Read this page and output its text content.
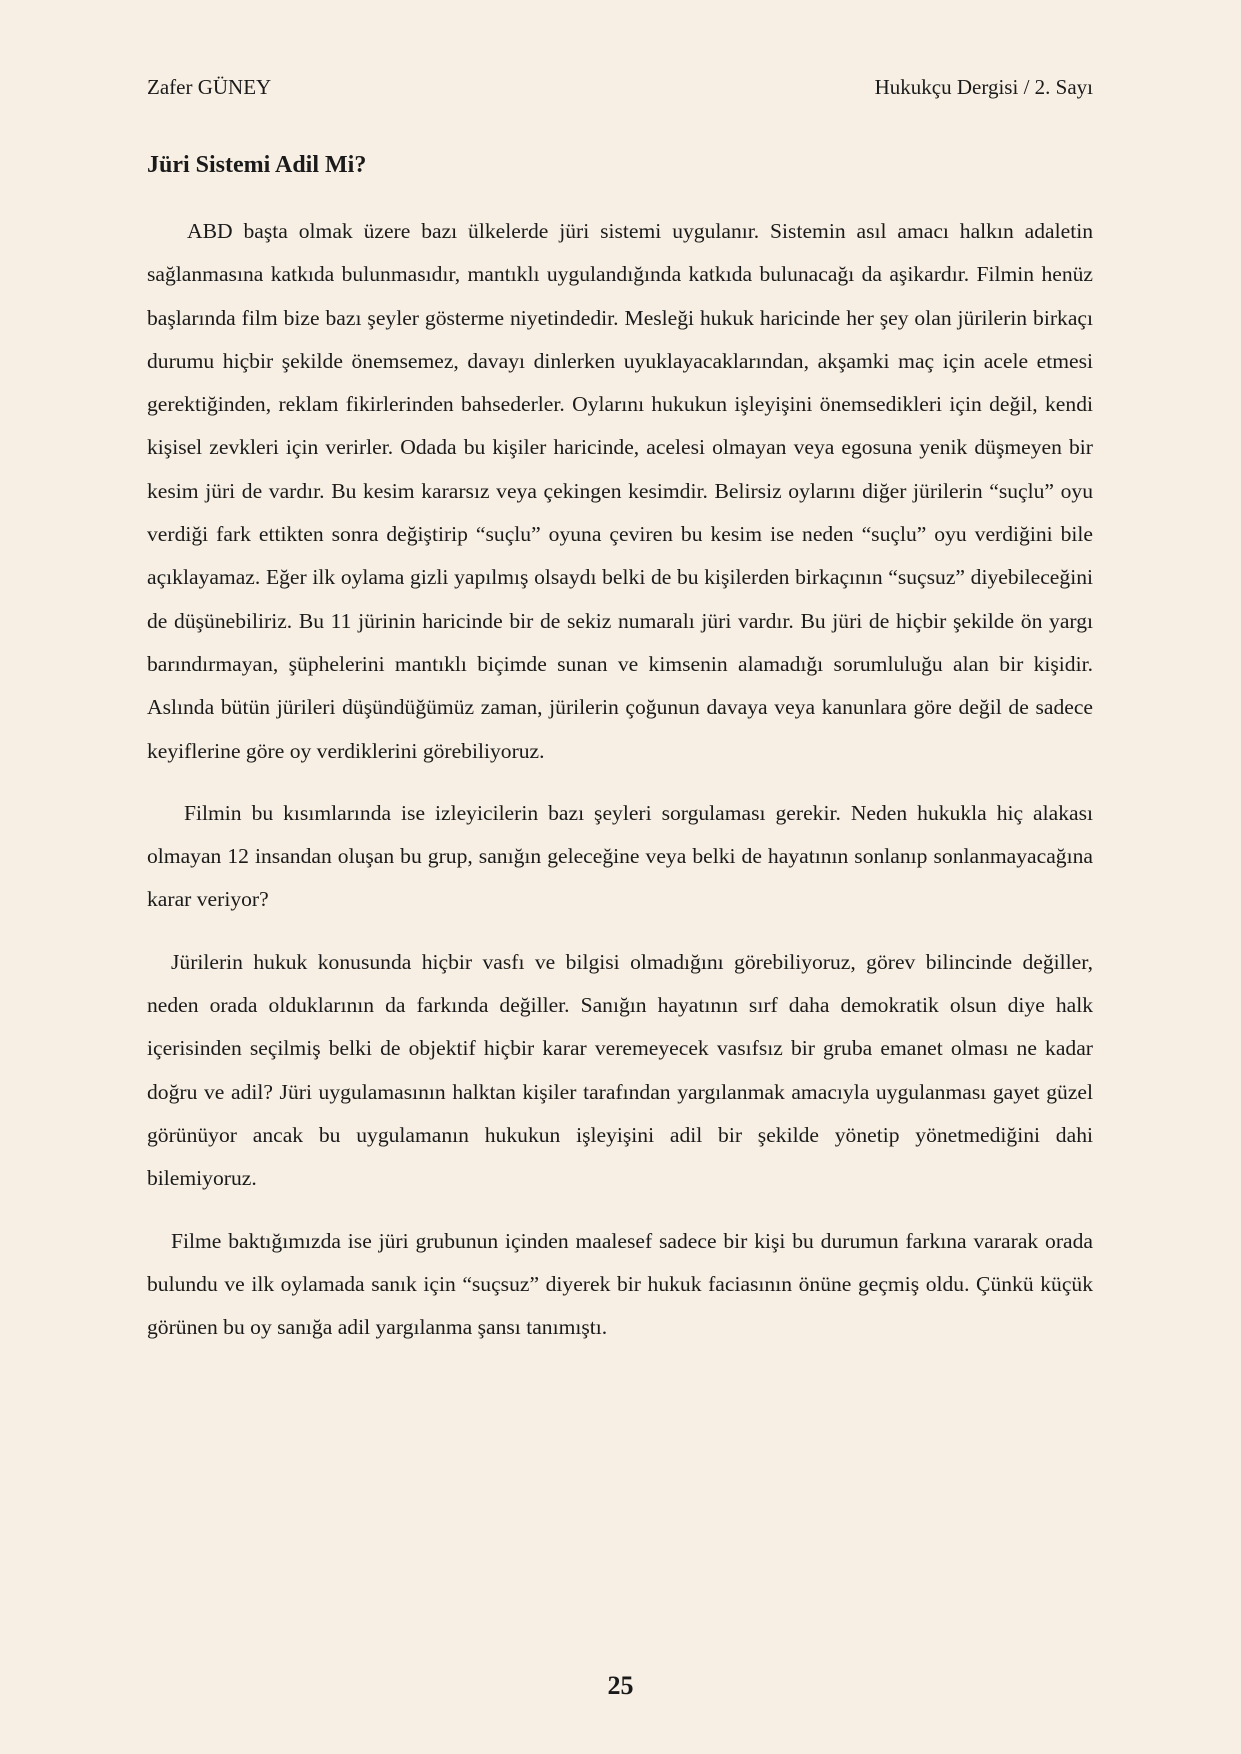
Zafer GÜNEY	Hukukçu Dergisi / 2. Sayı
Jüri Sistemi Adil Mi?

ABD başta olmak üzere bazı ülkelerde jüri sistemi uygulanır. Sistemin asıl amacı halkın adaletin sağlanmasına katkıda bulunmasıdır, mantıklı uygulandığında katkıda bulunacağı da aşikardır. Filmin henüz başlarında film bize bazı şeyler gösterme niyetindedir. Mesleği hukuk haricinde her şey olan jürilerin birkaçı durumu hiçbir şekilde önemsemez, davayı dinlerken uyuklayacaklarından, akşamki maç için acele etmesi gerektiğinden, reklam fikirlerinden bahsederler. Oylarını hukukun işleyişini önemsedikleri için değil, kendi kişisel zevkleri için verirler. Odada bu kişiler haricinde, acelesi olmayan veya egosuna yenik düşmeyen bir kesim jüri de vardır. Bu kesim kararsız veya çekingen kesimdir. Belirsiz oylarını diğer jürilerin “suçlu” oyu verdiği fark ettikten sonra değiştirip “suçlu” oyuna çeviren bu kesim ise neden “suçlu” oyu verdiğini bile açıklayamaz. Eğer ilk oylama gizli yapılmış olsaydı belki de bu kişilerden birkaçının “suçsuz” diyebileceğini de düşünebiliriz. Bu 11 jürinin haricinde bir de sekiz numaralı jüri vardır. Bu jüri de hiçbir şekilde ön yargı barındırmayan, şüphelerini mantıklı biçimde sunan ve kimsenin alamadığı sorumluluğu alan bir kişidir. Aslında bütün jürileri düşündüğümüz zaman, jürilerin çoğunun davaya veya kanunlara göre değil de sadece keyiflerine göre oy verdiklerini görebiliyoruz.

Filmin bu kısımlarında ise izleyicilerin bazı şeyleri sorgulaması gerekir. Neden hukukla hiç alakası olmayan 12 insandan oluşan bu grup, sanığın geleceğine veya belki de hayatının sonlanıp sonlanmayacağına karar veriyor?

Jürilerin hukuk konusunda hiçbir vasfı ve bilgisi olmadığını görebiliyoruz, görev bilincinde değiller, neden orada olduklarının da farkında değiller. Sanığın hayatının sırf daha demokratik olsun diye halk içerisinden seçilmiş belki de objektif hiçbir karar veremeyecek vasıfsız bir gruba emanet olması ne kadar doğru ve adil? Jüri uygulamasının halktan kişiler tarafından yargılanmak amacıyla uygulanması gayet güzel görünüyor ancak bu uygulamanın hukukun işleyişini adil bir şekilde yönetip yönetmediğini dahi bilemiyoruz.

Filme baktığımızda ise jüri grubunun içinden maalesef sadece bir kişi bu durumun farkına vararak orada bulundu ve ilk oylamada sanık için “suçsuz” diyerek bir hukuk faciasının önüne geçmiş oldu. Çünkü küçük görünen bu oy sanığa adil yargılanma şansı tanımıştı.

25
